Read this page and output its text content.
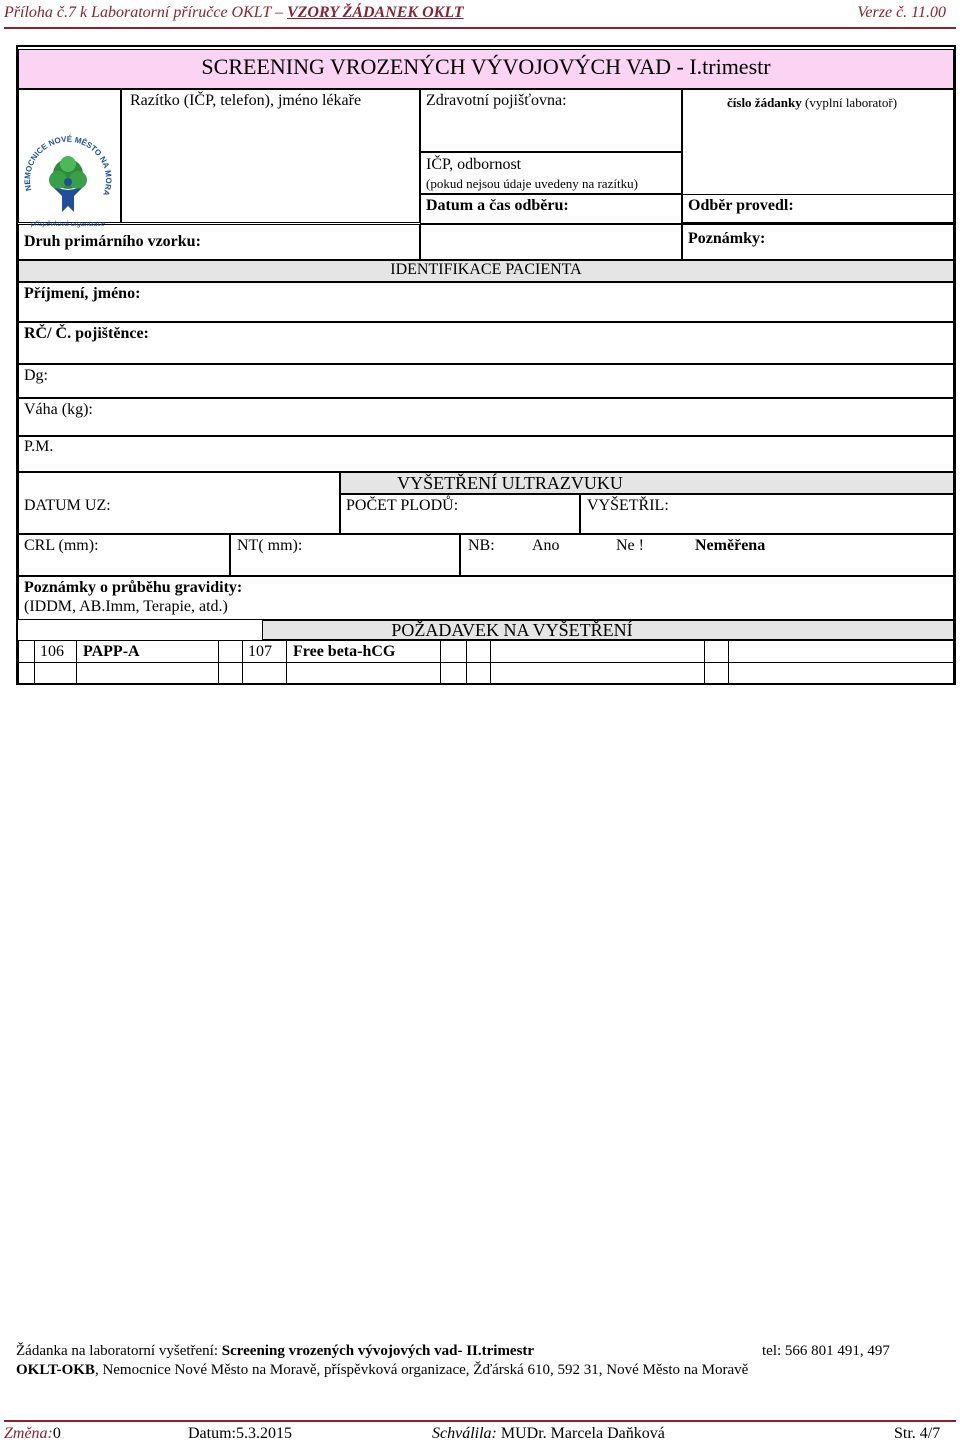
Příloha č.7 k Laboratorní příručce OKLT – VZORY ŽÁDANEK OKLT	Verze č. 11.00
SCREENING VROZENÝCH VÝVOJOVÝCH VAD - I.trimestr
Razítko (IČP, telefon), jméno lékaře	Zdravotní pojišťovna:	číslo žádanky (vyplní laboratoř)
IČP, odbornost
(pokud nejsou údaje uvedeny na razítku)
Datum a čas odběru:	Odběr provedl:
Druh primárního vzorku:	Poznámky:
IDENTIFIKACE PACIENTA
Příjmení, jméno:
RČ/ Č. pojištěnce:
Dg:
Váha (kg):
P.M.
VYŠETŘENÍ ULTRAZVUKU
DATUM UZ:	POČET PLODŮ:	VYŠETŘIL:
CRL (mm):	NT( mm):	NB: Ano	Ne !	Neměřena
Poznámky o průběhu gravidity:
(IDDM, AB.Imm, Terapie, atd.)
POŽADAVEK NA VYŠETŘENÍ
106 PAPP-A	107 Free beta-hCG
NEMOCNICE NOVÉ MĚSTO NA MORA
příspěvková organizace
Žádanka na laboratorní vyšetření: Screening vrozených vývojových vad- II.trimestr	tel: 566 801 491, 497
OKLT-OKB, Nemocnice Nové Město na Moravě, příspěvková organizace, Žďárská 610, 592 31, Nové Město na Moravě
Změna:0	Datum:5.3.2015	Schválila: MUDr. Marcela Daňková	Str. 4/7
